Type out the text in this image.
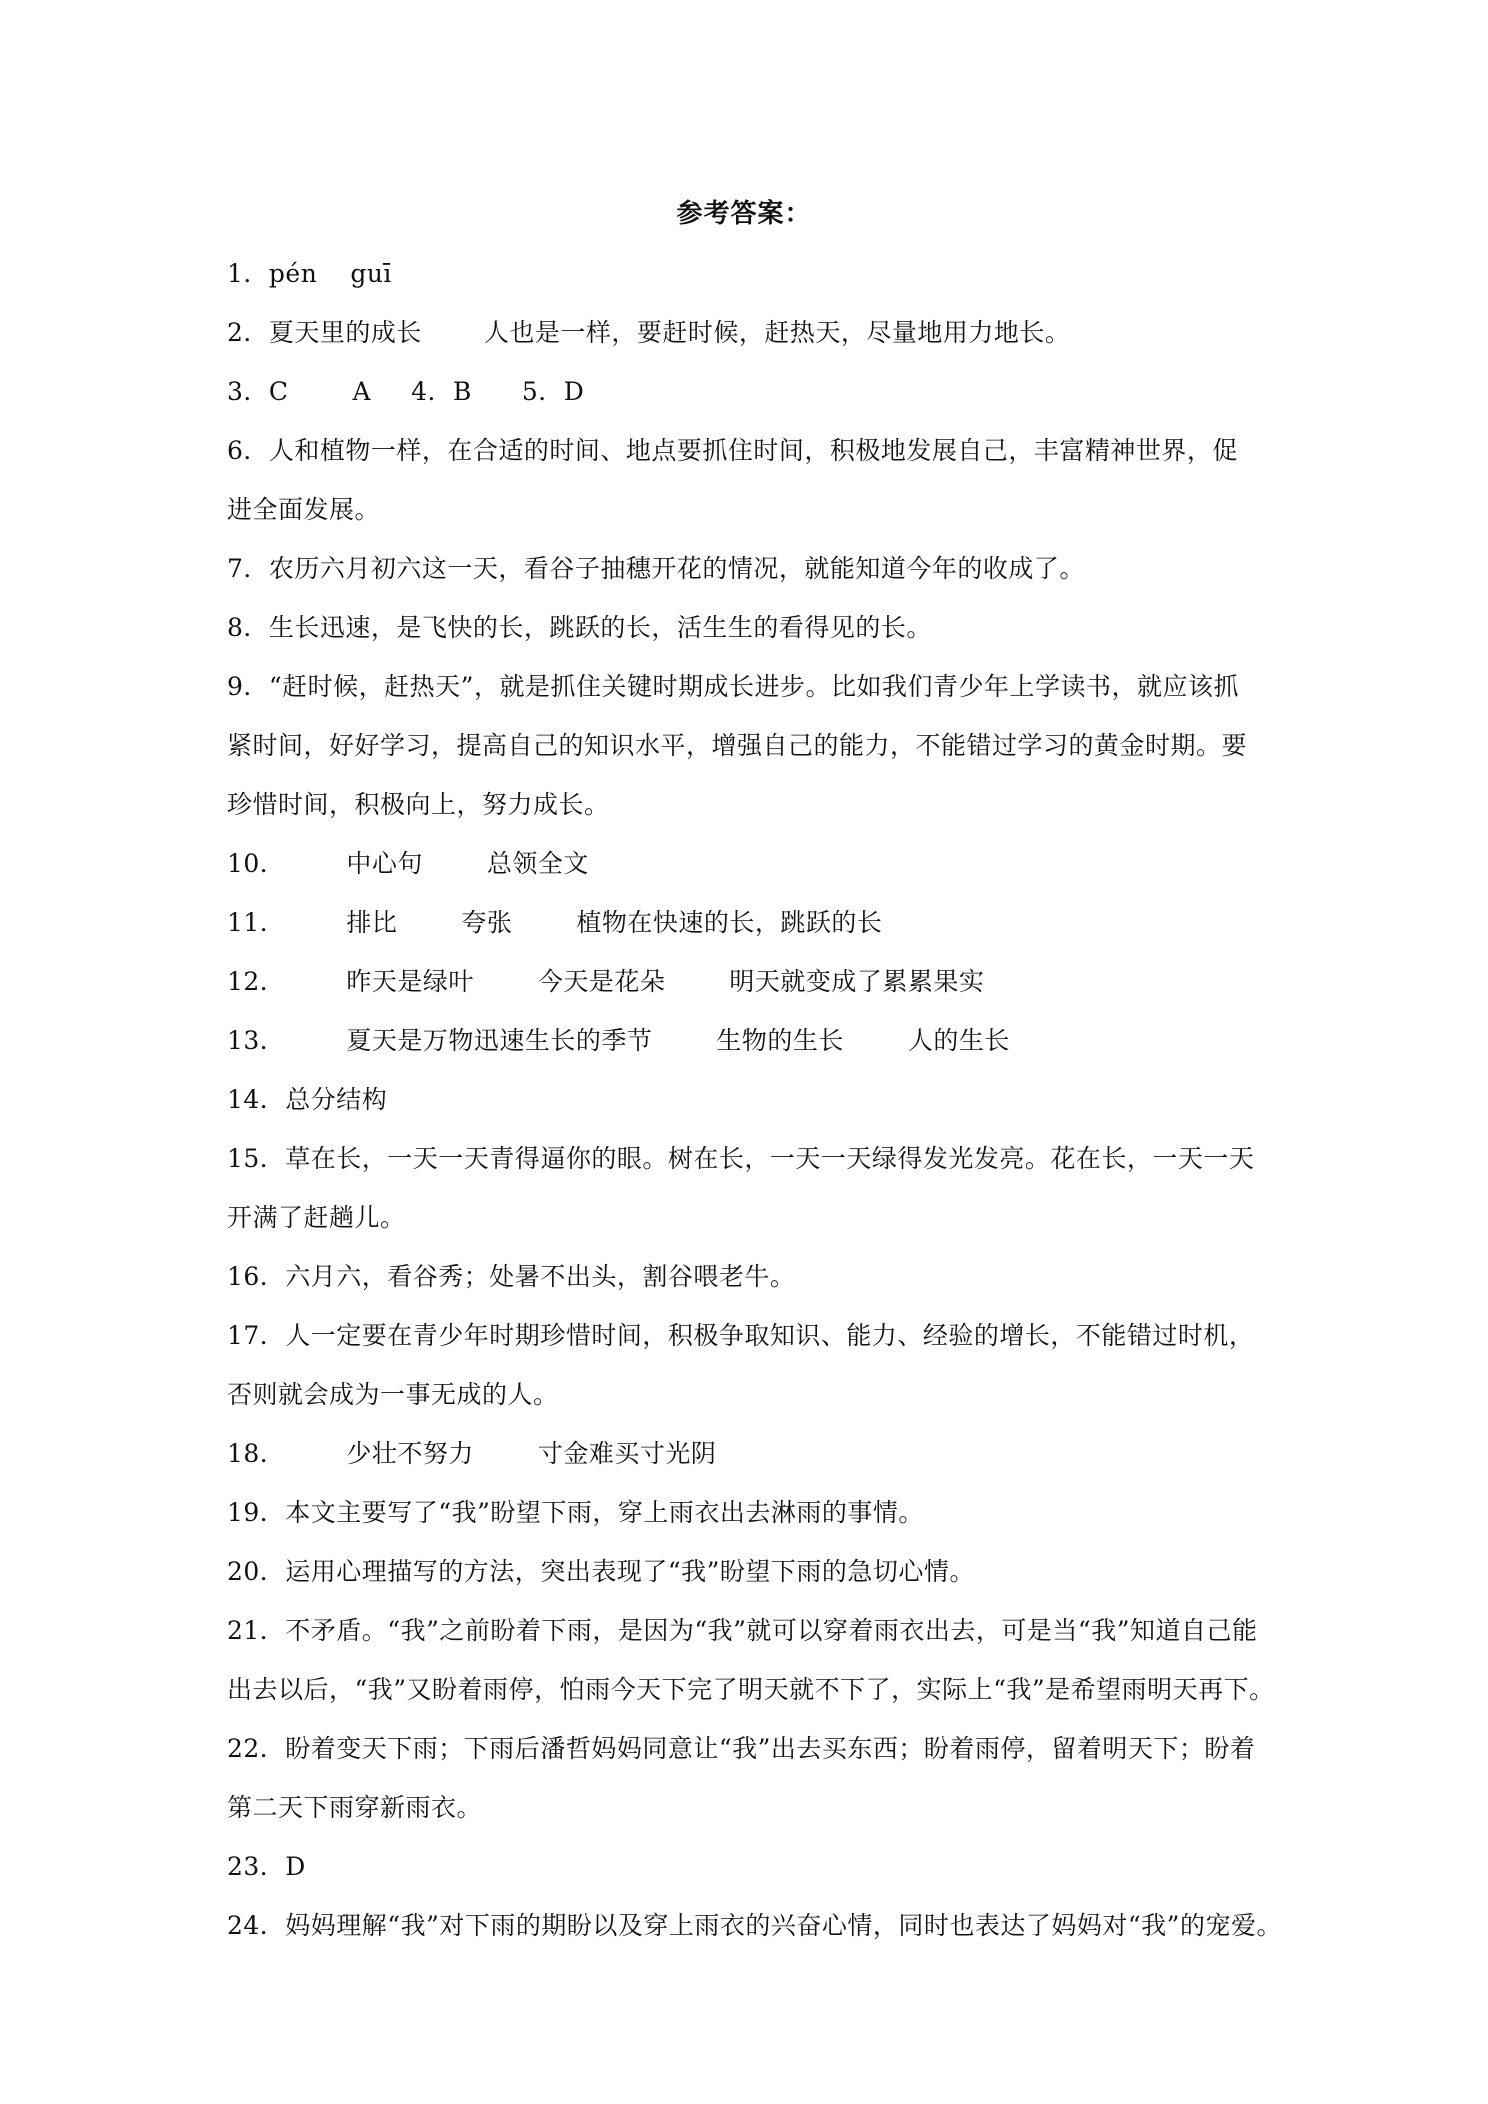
参考答案：
1．pén guī
2．夏天里的成长 人也是一样，要赶时候，赶热天，尽量地用力地长。
3．C	A 4．B 5．D
6．人和植物一样，在合适的时间、地点要抓住时间，积极地发展自己，丰富精神世界，促
进全面发展。
7．农历六月初六这一天，看谷子抽穗开花的情况，就能知道今年的收成了。
8．生长迅速，是飞快的长，跳跃的长，活生生的看得见的长。
9．“赶时候，赶热天”，就是抓住关键时期成长进步。比如我们青少年上学读书，就应该抓
紧时间，好好学习，提高自己的知识水平，增强自己的能力，不能错过学习的黄金时期。要
珍惜时间，积极向上，努力成长。
10． 中心句	总领全文
11． 排比	夸张	植物在快速的长，跳跃的长
12． 昨天是绿叶	今天是花朵	明天就变成了累累果实
13． 夏天是万物迅速生长的季节	生物的生长	人的生长
14．总分结构
15．草在长，一天一天青得逼你的眼。树在长，一天一天绿得发光发亮。花在长，一天一天
开满了赶趟儿。
16．六月六，看谷秀；处暑不出头，割谷喂老牛。
17．人一定要在青少年时期珍惜时间，积极争取知识、能力、经验的增长，不能错过时机，
否则就会成为一事无成的人。
18． 少壮不努力	寸金难买寸光阴
19．本文主要写了“我”盼望下雨，穿上雨衣出去淋雨的事情。
20．运用心理描写的方法，突出表现了“我”盼望下雨的急切心情。
21．不矛盾。“我”之前盼着下雨，是因为“我”就可以穿着雨衣出去，可是当“我”知道自己能
出去以后，“我”又盼着雨停，怕雨今天下完了明天就不下了，实际上“我”是希望雨明天再下。
22．盼着变天下雨；下雨后潘哲妈妈同意让“我”出去买东西；盼着雨停，留着明天下；盼着
第二天下雨穿新雨衣。
23．D
24．妈妈理解“我”对下雨的期盼以及穿上雨衣的兴奋心情，同时也表达了妈妈对“我”的宠爱。
